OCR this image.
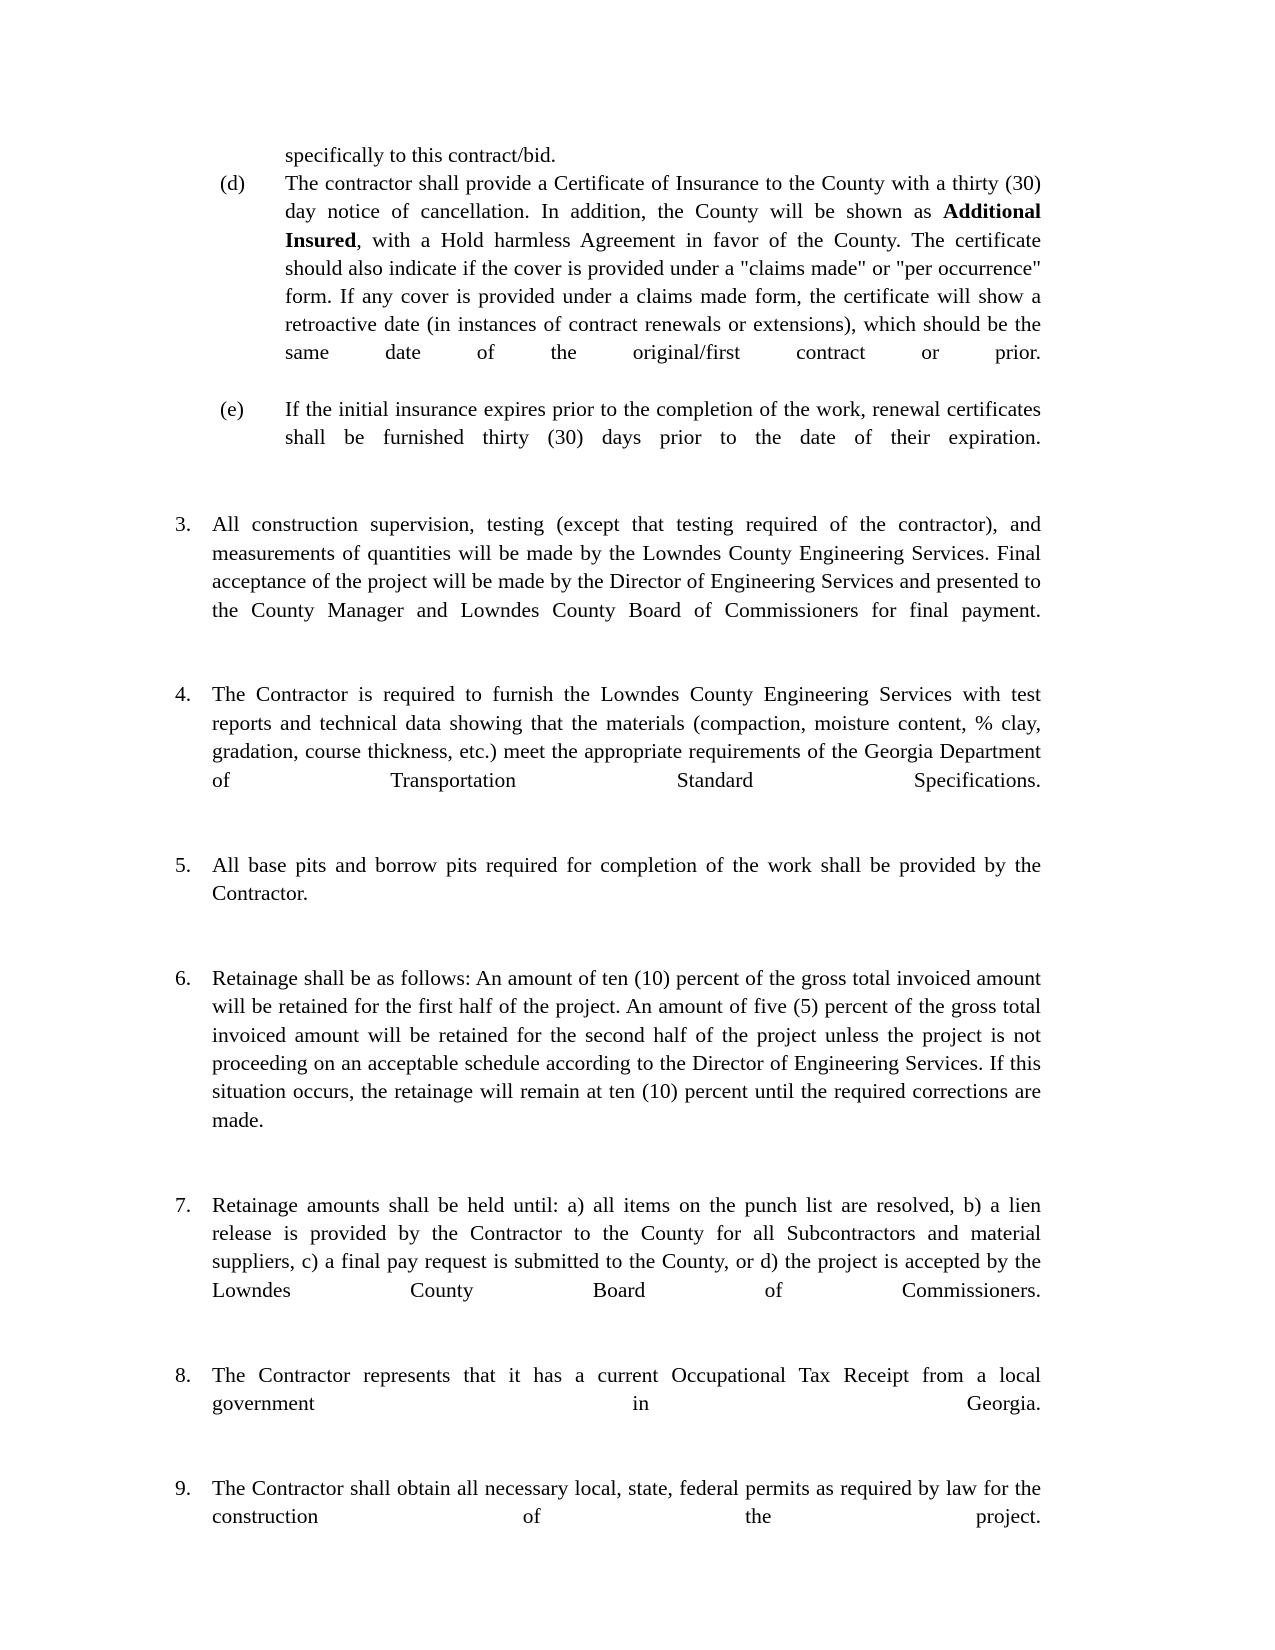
specifically to this contract/bid.

(d)	The contractor shall provide a Certificate of Insurance to the County with a thirty (30) day notice of cancellation. In addition, the County will be shown as Additional Insured, with a Hold harmless Agreement in favor of the County. The certificate should also indicate if the cover is provided under a "claims made" or "per occurrence" form. If any cover is provided under a claims made form, the certificate will show a retroactive date (in instances of contract renewals or extensions), which should be the same date of the original/first contract or prior.

(e)	If the initial insurance expires prior to the completion of the work, renewal certificates shall be furnished thirty (30) days prior to the date of their expiration.

3. All construction supervision, testing (except that testing required of the contractor), and measurements of quantities will be made by the Lowndes County Engineering Services. Final acceptance of the project will be made by the Director of Engineering Services and presented to the County Manager and Lowndes County Board of Commissioners for final payment.

4. The Contractor is required to furnish the Lowndes County Engineering Services with test reports and technical data showing that the materials (compaction, moisture content, % clay, gradation, course thickness, etc.) meet the appropriate requirements of the Georgia Department of Transportation Standard Specifications.

5. All base pits and borrow pits required for completion of the work shall be provided by the Contractor.

6. Retainage shall be as follows: An amount of ten (10) percent of the gross total invoiced amount will be retained for the first half of the project. An amount of five (5) percent of the gross total invoiced amount will be retained for the second half of the project unless the project is not proceeding on an acceptable schedule according to the Director of Engineering Services. If this situation occurs, the retainage will remain at ten (10) percent until the required corrections are made.

7. Retainage amounts shall be held until: a) all items on the punch list are resolved, b) a lien release is provided by the Contractor to the County for all Subcontractors and material suppliers, c) a final pay request is submitted to the County, or d) the project is accepted by the Lowndes County Board of Commissioners.

8. The Contractor represents that it has a current Occupational Tax Receipt from a local government in Georgia.

9. The Contractor shall obtain all necessary local, state, federal permits as required by law for the construction of the project.
